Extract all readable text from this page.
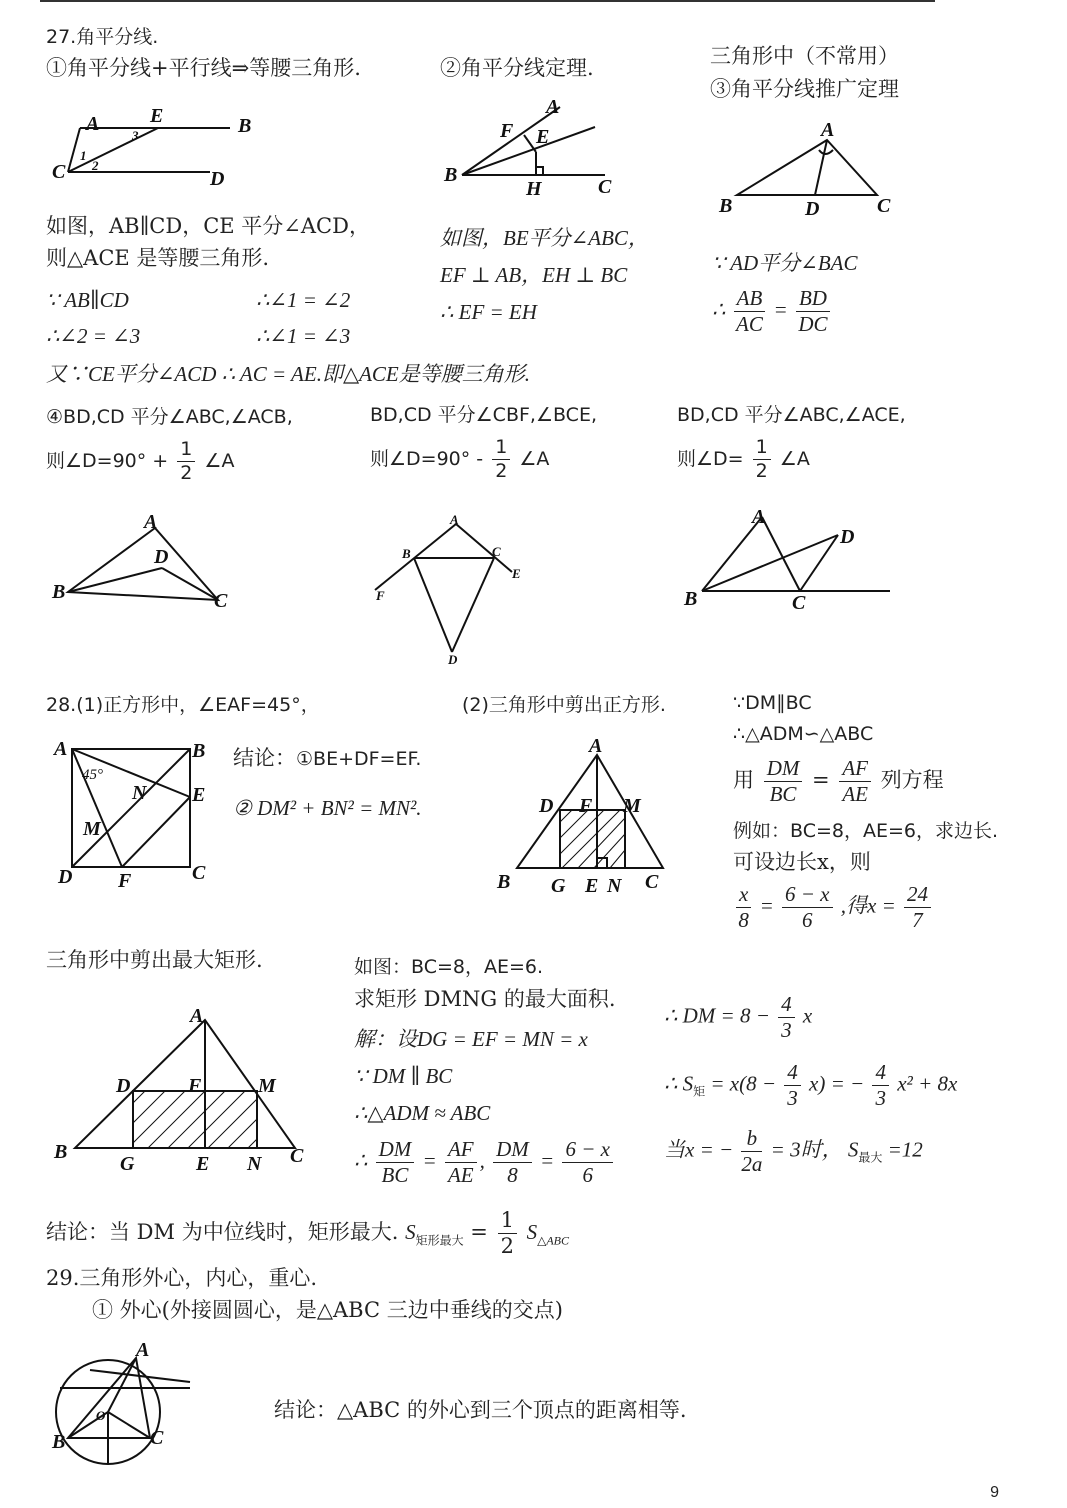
27.角平分线.
①角平分线+平行线⇒等腰三角形.	②角平分线定理.	三角形中（不常用）
③角平分线推广定理
A	E	B
C	D
1
2
3
A
F E
B
H	C
A
B	D	C
如图，AB∥CD，CE 平分∠ACD，
则△ACE 是等腰三角形.
∵ AB∥CD	∴∠1 = ∠2
∴∠2 = ∠3	∴∠1 = ∠3
如图，BE平分∠ABC，
EF ⊥ AB，EH ⊥ BC
∴ EF = EH
∵ AD平分∠BAC
∴ $\frac{AB}{AC} = \frac{BD}{DC}$
又∵CE平分∠ACD ∴ AC = AE.即△ACE是等腰三角形.
④BD,CD 平分∠ABC,∠ACB,
则∠D=90° + $\frac{1}{2}$ ∠A
BD,CD 平分∠CBF,∠BCE,
则∠D=90° - $\frac{1}{2}$ ∠A
BD,CD 平分∠ABC,∠ACE,
则∠D= $\frac{1}{2}$ ∠A
A
D
B	C
A
B	C
F
E
D
A
D
B	C
28.(1)正方形中，∠EAF=45°，	(2)三角形中剪出正方形.
A	B
E
N
M
D F	C
45°
结论：①BE+DF=EF.
② DM² + BN² = MN².
A
D F M
B G E N C
∵DM∥BC
∴△ADM∽△ABC
用 $\frac{DM}{BC} = \frac{AF}{AE}$ 列方程
例如：BC=8，AE=6，求边长.
可设边长x，则
$\frac{x}{8} = \frac{6 - x}{6}$ ,得$x = \frac{24}{7}$
三角形中剪出最大矩形.
A
D	F	M
B
G	E N C
如图：BC=8，AE=6.
求矩形 DMNG 的最大面积.
解：设DG = EF = MN = x
∵ DM ∥ BC
∴△ADM ≈ ABC
∴ $\frac{DM}{BC} = \frac{AF}{AE}$ , $\frac{DM}{8} = \frac{6 - x}{6}$
∴ DM = $8 - \frac{4}{3}$ x
∴ $S_矩 = x(8 - \frac{4}{3} x)$ = − $\frac{4}{3} x^2 + 8x$
当x = − $\frac{b}{2a} = 3$时， $S_{最大} =12$
结论：当 DM 为中位线时，矩形最大. $S_{矩形最大} = \frac{1}{2} S_{\triangle ABC}$
29.三角形外心，内心，重心.
① 外心(外接圆圆心，是△ABC 三边中垂线的交点)
A
B	C
O	结论：△ABC 的外心到三个顶点的距离相等.
9
